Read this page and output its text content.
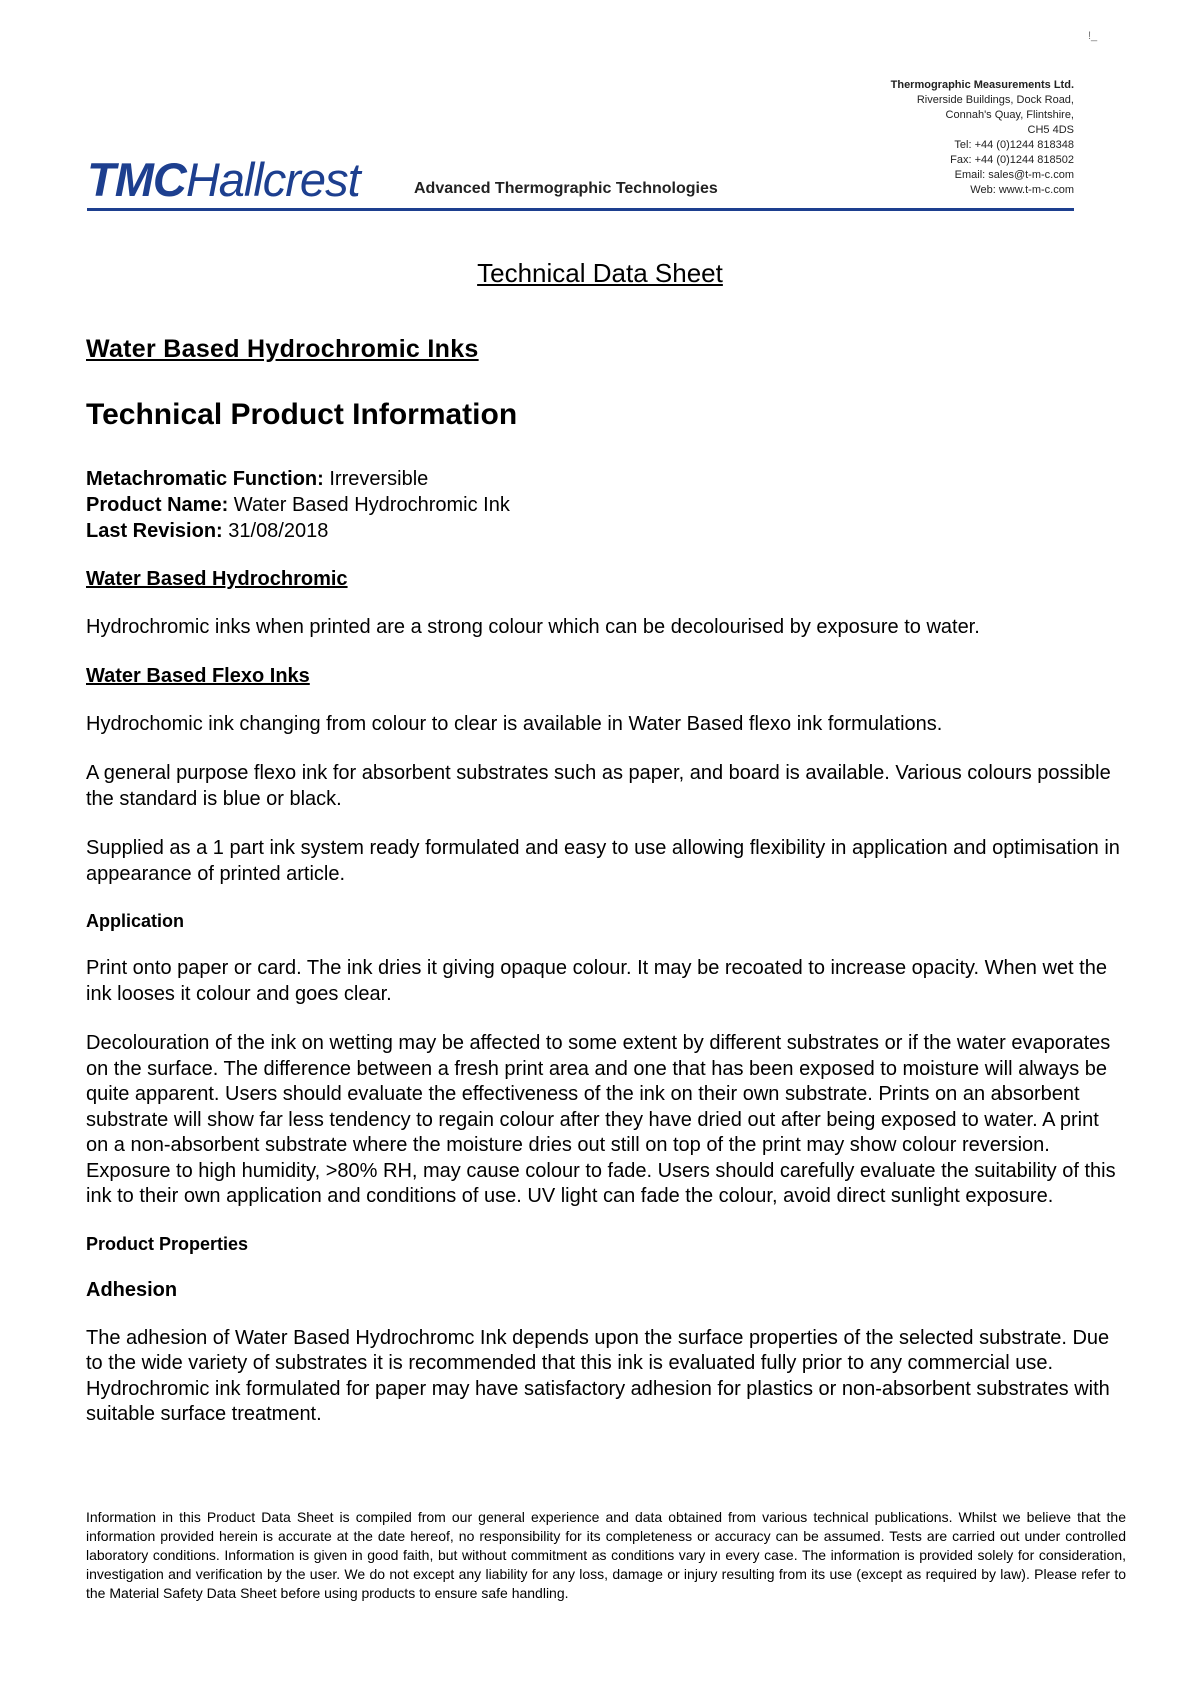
!_
TMCHallcrest	Advanced Thermographic Technologies
Thermographic Measurements Ltd.
Riverside Buildings, Dock Road,
Connah's Quay, Flintshire,
CH5 4DS
Tel: +44 (0)1244 818348
Fax: +44 (0)1244 818502
Email: sales@t-m-c.com
Web: www.t-m-c.com
Technical Data Sheet
Water Based Hydrochromic Inks
Technical Product Information
Metachromatic Function: Irreversible
Product Name: Water Based Hydrochromic Ink
Last Revision: 31/08/2018
Water Based Hydrochromic
Hydrochromic inks when printed are a strong colour which can be decolourised by exposure to water.
Water Based Flexo Inks
Hydrochomic ink changing from colour to clear is available in Water Based flexo ink formulations.
A general purpose flexo ink for absorbent substrates such as paper, and board is available. Various colours possible the standard is blue or black.
Supplied as a 1 part ink system ready formulated and easy to use allowing flexibility in application and optimisation in appearance of printed article.
Application
Print onto paper or card. The ink dries it giving opaque colour. It may be recoated to increase opacity. When wet the ink looses it colour and goes clear.
Decolouration of the ink on wetting may be affected to some extent by different substrates or if the water evaporates on the surface. The difference between a fresh print area and one that has been exposed to moisture will always be quite apparent. Users should evaluate the effectiveness of the ink on their own substrate. Prints on an absorbent substrate will show far less tendency to regain colour after they have dried out after being exposed to water. A print on a non-absorbent substrate where the moisture dries out still on top of the print may show colour reversion. Exposure to high humidity, >80% RH, may cause colour to fade. Users should carefully evaluate the suitability of this ink to their own application and conditions of use. UV light can fade the colour, avoid direct sunlight exposure.
Product Properties
Adhesion
The adhesion of Water Based Hydrochromc Ink depends upon the surface properties of the selected substrate. Due to the wide variety of substrates it is recommended that this ink is evaluated fully prior to any commercial use. Hydrochromic ink formulated for paper may have satisfactory adhesion for plastics or non-absorbent substrates with suitable surface treatment.
Information in this Product Data Sheet is compiled from our general experience and data obtained from various technical publications. Whilst we believe that the information provided herein is accurate at the date hereof, no responsibility for its completeness or accuracy can be assumed. Tests are carried out under controlled laboratory conditions. Information is given in good faith, but without commitment as conditions vary in every case. The information is provided solely for consideration, investigation and verification by the user. We do not except any liability for any loss, damage or injury resulting from its use (except as required by law). Please refer to the Material Safety Data Sheet before using products to ensure safe handling.
